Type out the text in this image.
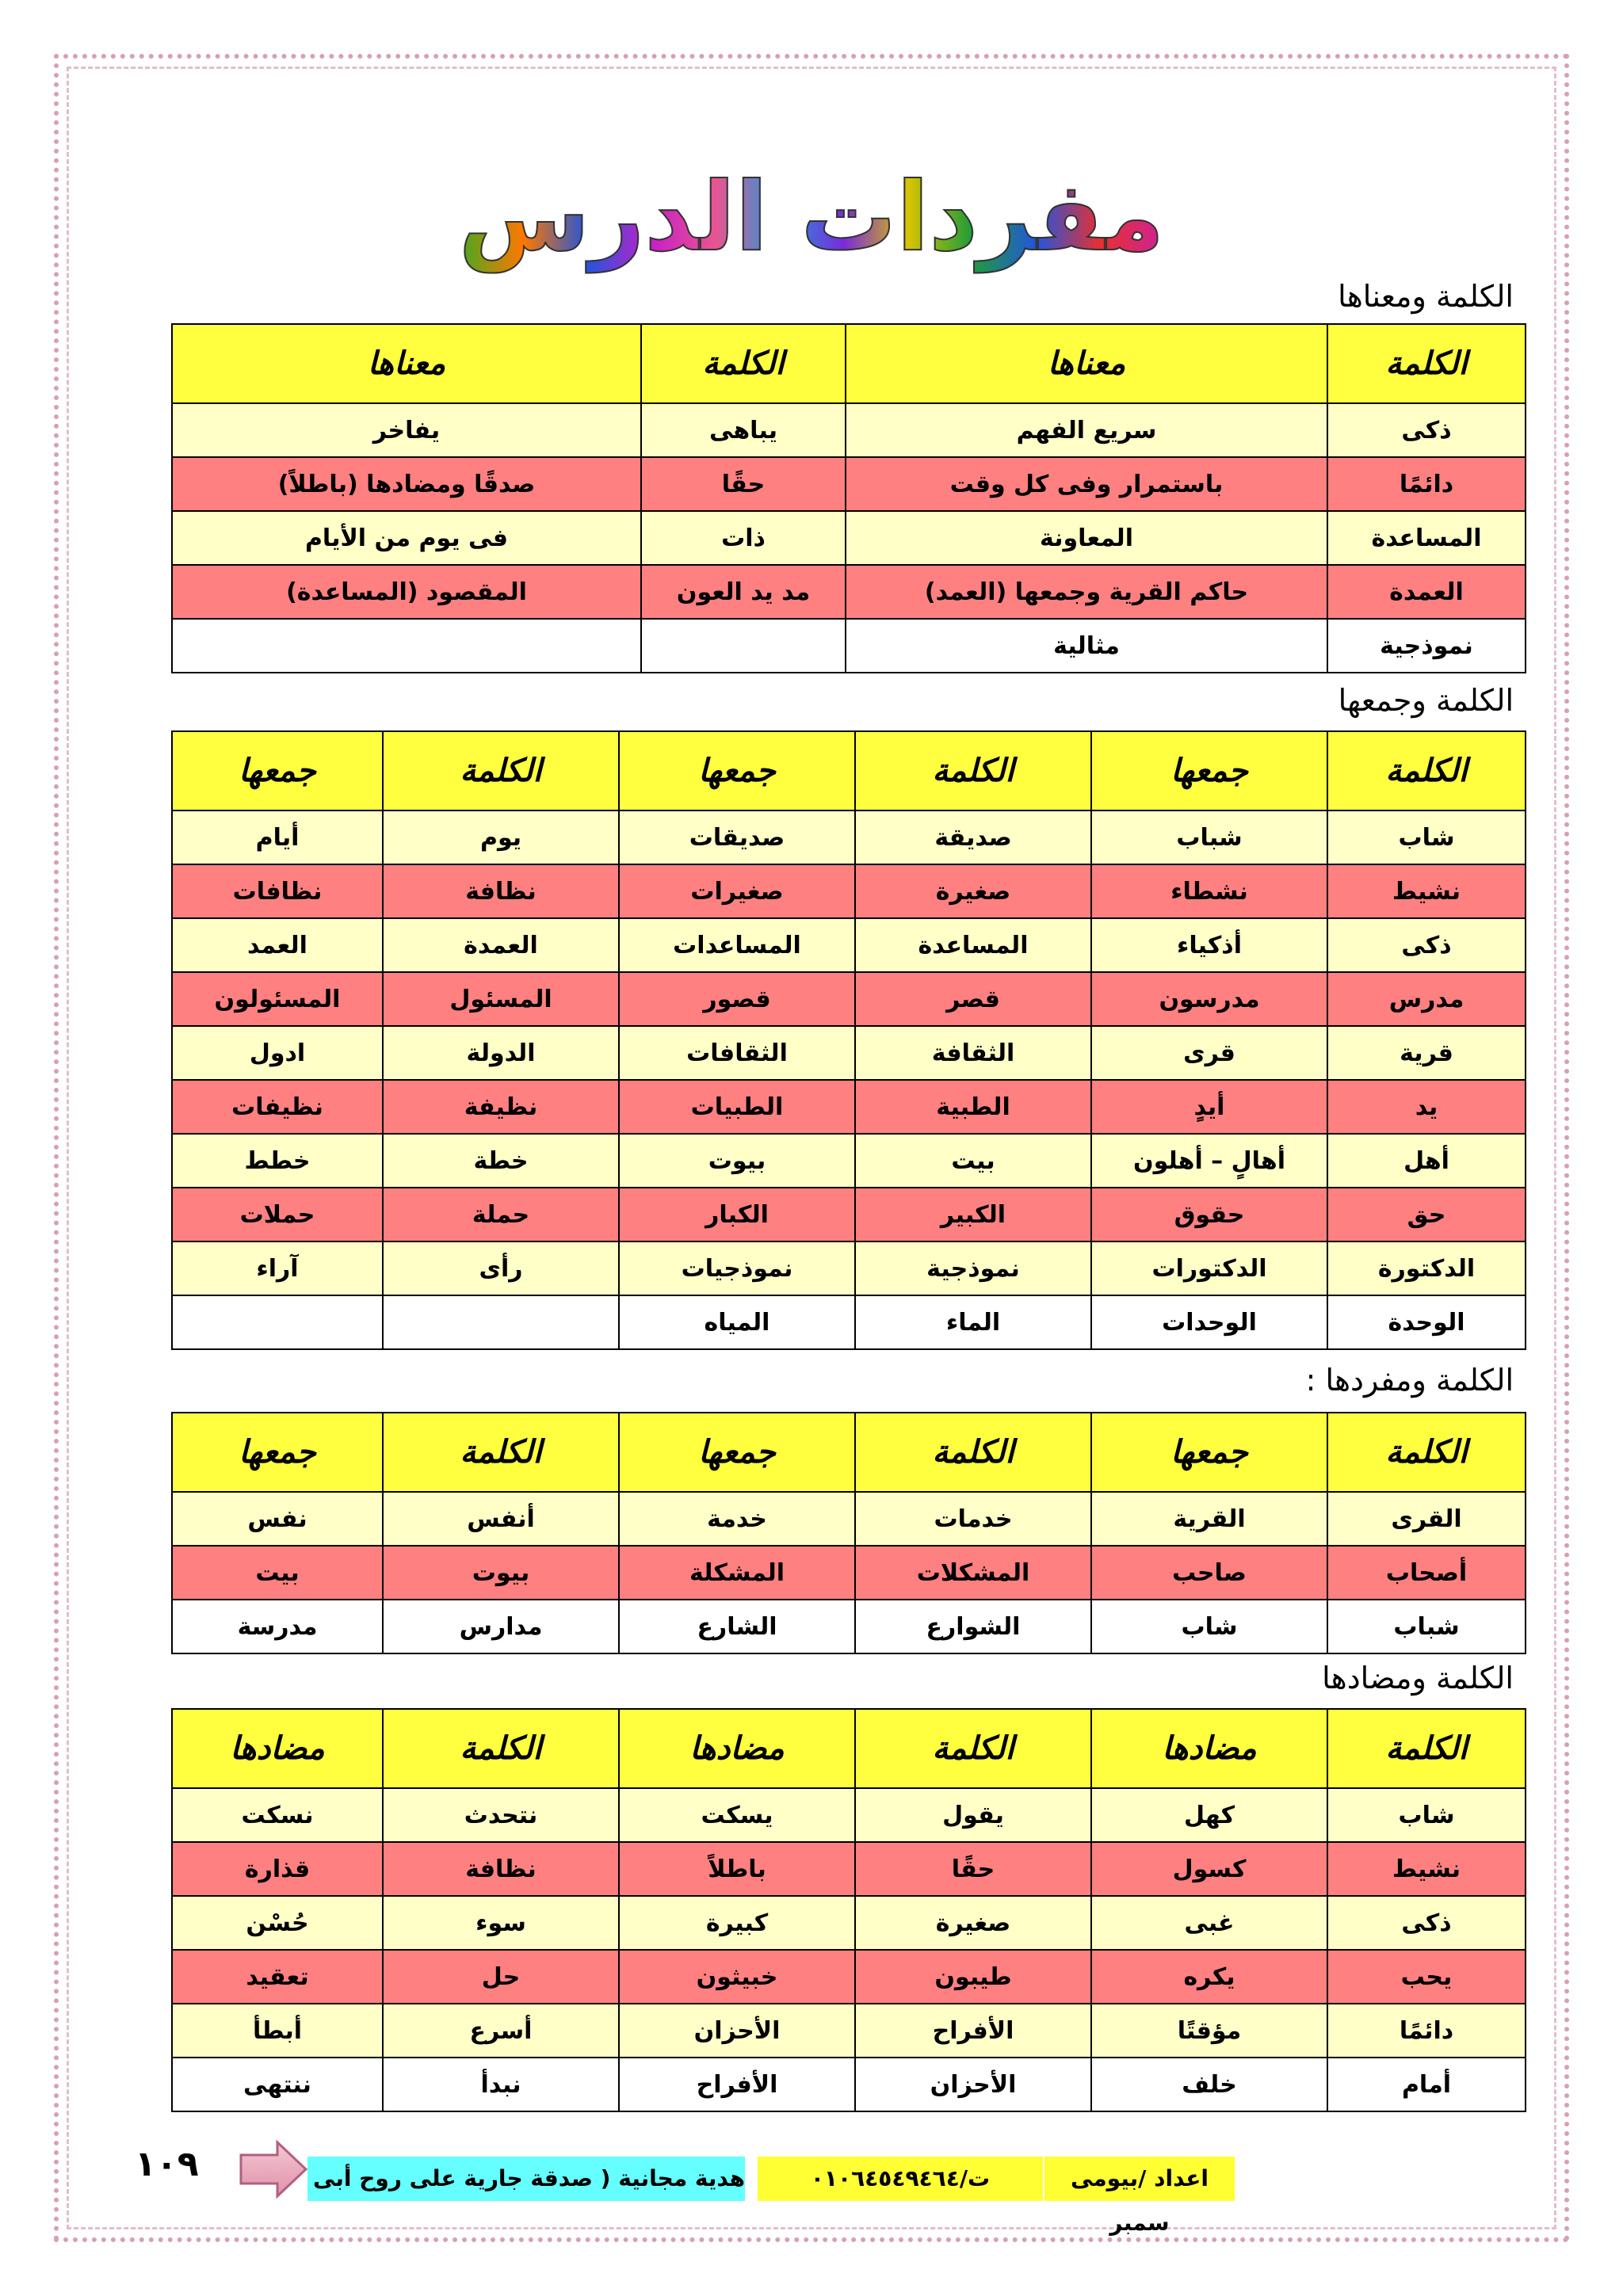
مفردات الدرس
الكلمة ومعناها
الكلمة	معناها	الكلمة	معناها
ذكى	سريع الفهم	يباهى	يفاخر
دائمًا	باستمرار وفى كل وقت	حقًا	صدقًا ومضادها (باطلاً)
المساعدة	المعاونة	ذات	فى يوم من الأيام
العمدة	حاكم القرية وجمعها (العمد)	مد يد العون	المقصود (المساعدة)
نموذجية	مثالية		
الكلمة وجمعها
الكلمة	جمعها	الكلمة	جمعها	الكلمة	جمعها
شاب	شباب	صديقة	صديقات	يوم	أيام
نشيط	نشطاء	صغيرة	صغيرات	نظافة	نظافات
ذكى	أذكياء	المساعدة	المساعدات	العمدة	العمد
مدرس	مدرسون	قصر	قصور	المسئول	المسئولون
قرية	قرى	الثقافة	الثقافات	الدولة	ادول
يد	أيدٍ	الطبية	الطبيات	نظيفة	نظيفات
أهل	أهالٍ – أهلون	بيت	بيوت	خطة	خطط
حق	حقوق	الكبير	الكبار	حملة	حملات
الدكتورة	الدكتورات	نموذجية	نموذجيات	رأى	آراء
الوحدة	الوحدات	الماء	المياه		
الكلمة ومفردها :
الكلمة	جمعها	الكلمة	جمعها	الكلمة	جمعها
القرى	القرية	خدمات	خدمة	أنفس	نفس
أصحاب	صاحب	المشكلات	المشكلة	بيوت	بيت
شباب	شاب	الشوارع	الشارع	مدارس	مدرسة
الكلمة ومضادها
الكلمة	مضادها	الكلمة	مضادها	الكلمة	مضادها
شاب	كهل	يقول	يسكت	نتحدث	نسكت
نشيط	كسول	حقًا	باطلاً	نظافة	قذارة
ذكى	غبى	صغيرة	كبيرة	سوء	حُسْن
يحب	يكره	طيبون	خبيثون	حل	تعقيد
دائمًا	مؤقتًا	الأفراح	الأحزان	أسرع	أبطأ
أمام	خلف	الأحزان	الأفراح	نبدأ	ننتهى
١٠٩	هدية مجانية ( صدقة جارية على روح أبى	ت/٠١٠٦٤٥٤٩٤٦٤	اعداد /بيومى سمبر
